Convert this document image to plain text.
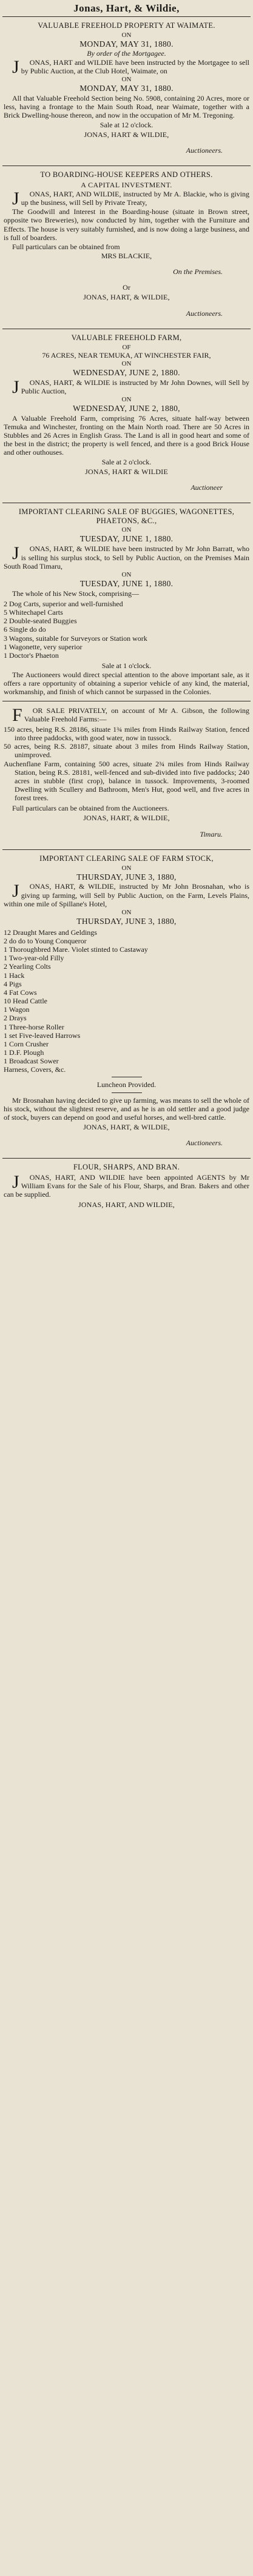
Jonas, Hart, & Wildie,

VALUABLE FREEHOLD PROPERTY AT WAIMATE.

ON

MONDAY, MAY 31, 1880.

By order of the Mortgagee.

JONAS, HART and WILDIE have been instructed by the Mortgagee to sell by Public Auction, at the Club Hotel, Waimate, on

ON

MONDAY, MAY 31, 1880.

All that Valuable Freehold Section being No. 5908, containing 20 Acres, more or less, having a frontage to the Main South Road, near Waimate, together with a Brick Dwelling-house thereon, and now in the occupation of Mr M. Tregoning.

Sale at 12 o'clock.

JONAS, HART & WILDIE,

Auctioneers.

TO BOARDING-HOUSE KEEPERS AND OTHERS.

A CAPITAL INVESTMENT.

JONAS, HART, AND WILDIE, instructed by Mr A. Blackie, who is giving up the business, will Sell by Private Treaty,

The Goodwill and Interest in the Boarding-house (situate in Brown street, opposite two Breweries), now conducted by him, together with the Furniture and Effects. The house is very suitably furnished, and is now doing a large business, and is full of boarders.

Full particulars can be obtained from

MRS BLACKIE,

On the Premises.

Or

JONAS, HART, & WILDIE,

Auctioneers.

VALUABLE FREEHOLD FARM,

OF

76 ACRES, NEAR TEMUKA, AT WINCHESTER FAIR,

ON

WEDNESDAY, JUNE 2, 1880.

JONAS, HART, & WILDIE is instructed by Mr John Downes, will Sell by Public Auction,

ON

WEDNESDAY, JUNE 2, 1880,

A Valuable Freehold Farm, comprising 76 Acres, situate half-way between Temuka and Winchester, fronting on the Main North road. There are 50 Acres in Stubbles and 26 Acres in English Grass. The Land is all in good heart and some of the best in the district; the property is well fenced, and there is a good Brick House and other outhouses.

Sale at 2 o'clock.

JONAS, HART & WILDIE

Auctioneer

IMPORTANT CLEARING SALE OF BUGGIES, WAGONETTES, PHAETONS, &C.,

ON

TUESDAY, JUNE 1, 1880.

JONAS, HART, & WILDIE have been instructed by Mr John Barratt, who is selling his surplus stock, to Sell by Public Auction, on the Premises Main South Road Timaru,

ON

TUESDAY, JUNE 1, 1880.

The whole of his New Stock, comprising—

2 Dog Carts, superior and well-furnished
5 Whitechapel Carts
2 Double-seated Buggies
6 Single do do
3 Wagons, suitable for Surveyors or Station work
1 Wagonette, very superior
1 Doctor's Phaeton

Sale at 1 o'clock.

The Auctioneers would direct special attention to the above important sale, as it offers a rare opportunity of obtaining a superior vehicle of any kind, the material, workmanship, and finish of which cannot be surpassed in the Colonies.

FOR SALE PRIVATELY, on account of Mr A. Gibson, the following Valuable Freehold Farms:—

150 acres, being R.S. 28186, situate 1¾ miles from Hinds Railway Station, fenced into three paddocks, with good water, now in tussock.
50 acres, being R.S. 28187, situate about 3 miles from Hinds Railway Station, unimproved.
Auchenflane Farm, containing 500 acres, situate 2¾ miles from Hinds Railway Station, being R.S. 28181, well-fenced and sub-divided into five paddocks; 240 acres in stubble (first crop), balance in tussock. Improvements, 3-roomed Dwelling with Scullery and Bathroom, Men's Hut, good well, and five acres in forest trees.

Full particulars can be obtained from the Auctioneers.

JONAS, HART, & WILDIE,

Timaru.

IMPORTANT CLEARING SALE OF FARM STOCK,

ON

THURSDAY, JUNE 3, 1880,

JONAS, HART, & WILDIE, instructed by Mr John Brosnahan, who is giving up farming, will Sell by Public Auction, on the Farm, Levels Plains, within one mile of Spillane's Hotel,

ON

THURSDAY, JUNE 3, 1880,

12 Draught Mares and Geldings
2 do do to Young Conqueror
1 Thoroughbred Mare. Violet stinted to Castaway
1 Two-year-old Filly
2 Yearling Colts
1 Hack
4 Pigs
4 Fat Cows
10 Head Cattle
1 Wagon
2 Drays
1 Three-horse Roller
1 set Five-leaved Harrows
1 Corn Crusher
1 D.F. Plough
1 Broadcast Sower
Harness, Covers, &c.

Luncheon Provided.

Mr Brosnahan having decided to give up farming, was means to sell the whole of his stock, without the slightest reserve, and as he is an old settler and a good judge of stock, buyers can depend on good and useful horses, and well-bred cattle.

JONAS, HART, & WILDIE,

Auctioneers.

FLOUR, SHARPS, AND BRAN.

JONAS, HART, AND WILDIE have been appointed AGENTS by Mr William Evans for the Sale of his Flour, Sharps, and Bran. Bakers and other can be supplied.

JONAS, HART, AND WILDIE,
